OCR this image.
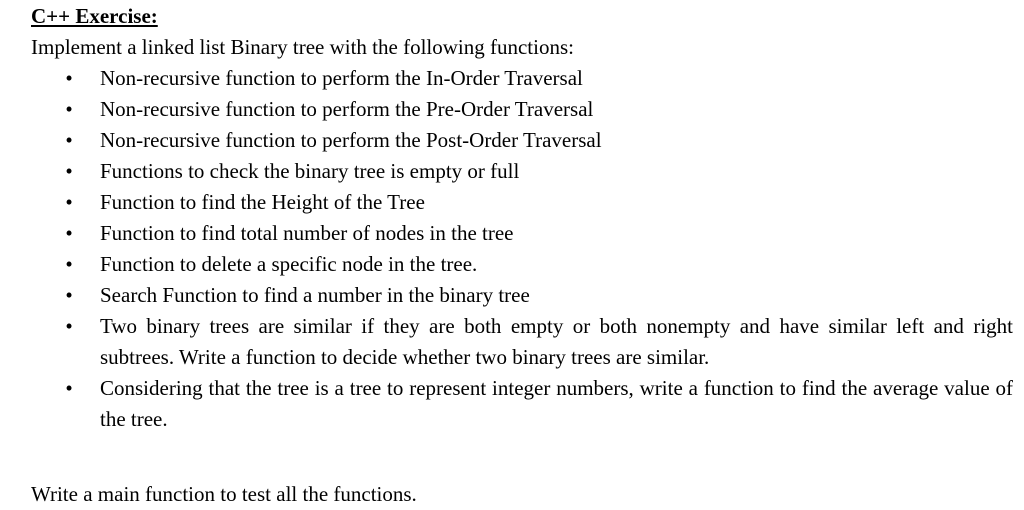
C++ Exercise:

Implement a linked list Binary tree with the following functions:

• Non-recursive function to perform the In-Order Traversal
• Non-recursive function to perform the Pre-Order Traversal
• Non-recursive function to perform the Post-Order Traversal
• Functions to check the binary tree is empty or full
• Function to find the Height of the Tree
• Function to find total number of nodes in the tree
• Function to delete a specific node in the tree.
• Search Function to find a number in the binary tree
• Two binary trees are similar if they are both empty or both nonempty and have similar left and right subtrees. Write a function to decide whether two binary trees are similar.
• Considering that the tree is a tree to represent integer numbers, write a function to find the average value of the tree.

Write a main function to test all the functions.
